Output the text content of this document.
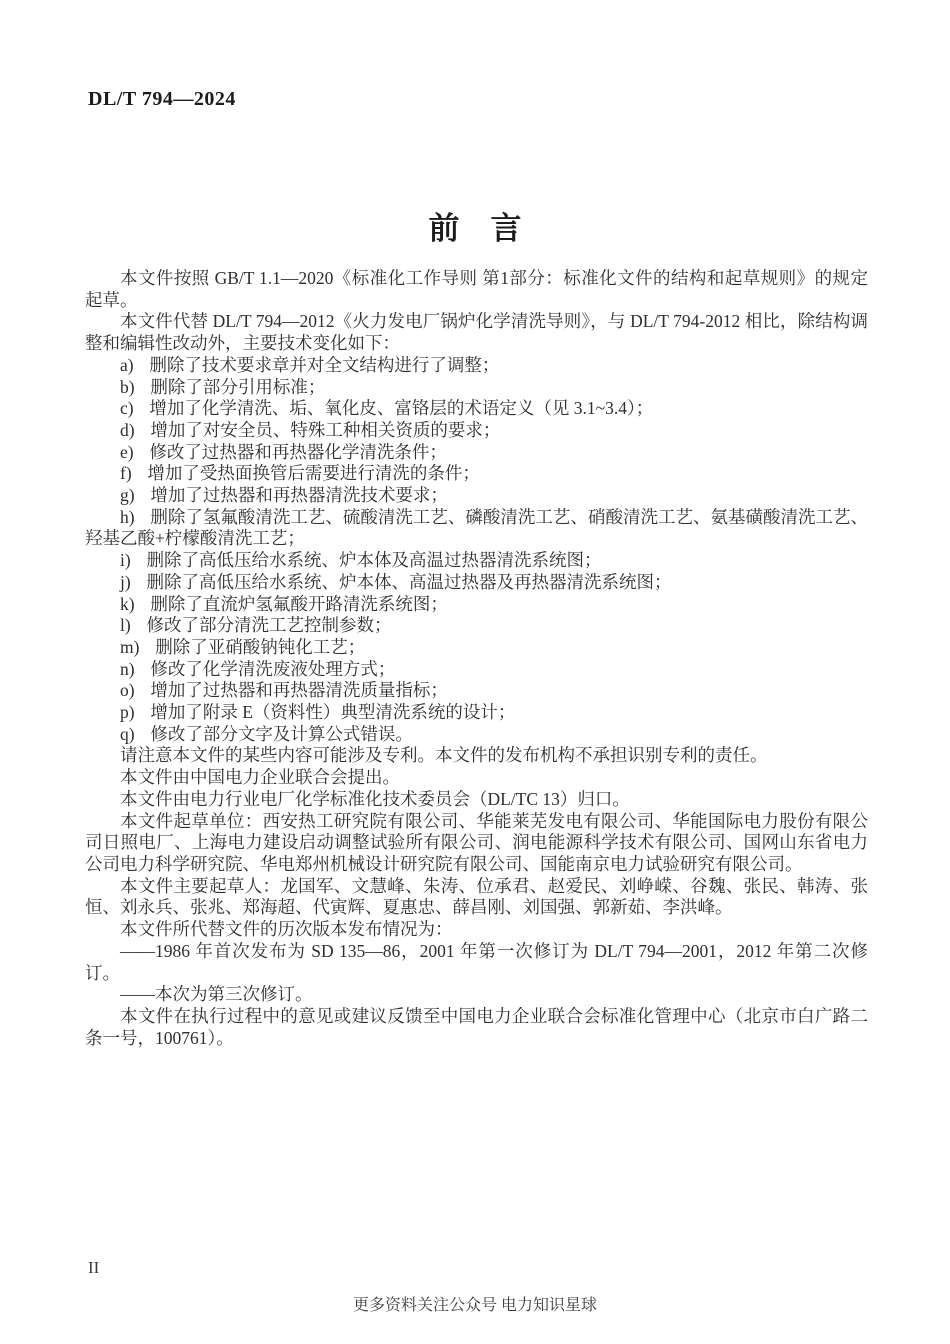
DL/T 794—2024
前　言

本文件按照 GB/T 1.1—2020《标准化工作导则 第1部分：标准化文件的结构和起草规则》的规定起草。

本文件代替 DL/T 794—2012《火力发电厂锅炉化学清洗导则》，与 DL/T 794-2012 相比，除结构调整和编辑性改动外，主要技术变化如下：

a) 删除了技术要求章并对全文结构进行了调整；

b) 删除了部分引用标准；

c) 增加了化学清洗、垢、氧化皮、富铬层的术语定义（见 3.1~3.4）；

d) 增加了对安全员、特殊工种相关资质的要求；

e) 修改了过热器和再热器化学清洗条件；

f) 增加了受热面换管后需要进行清洗的条件；

g) 增加了过热器和再热器清洗技术要求；

h) 删除了氢氟酸清洗工艺、硫酸清洗工艺、磷酸清洗工艺、硝酸清洗工艺、氨基磺酸清洗工艺、羟基乙酸+柠檬酸清洗工艺；

i) 删除了高低压给水系统、炉本体及高温过热器清洗系统图；

j) 删除了高低压给水系统、炉本体、高温过热器及再热器清洗系统图；

k) 删除了直流炉氢氟酸开路清洗系统图；

l) 修改了部分清洗工艺控制参数；

m) 删除了亚硝酸钠钝化工艺；

n) 修改了化学清洗废液处理方式；

o) 增加了过热器和再热器清洗质量指标；

p) 增加了附录 E（资料性）典型清洗系统的设计；

q) 修改了部分文字及计算公式错误。

请注意本文件的某些内容可能涉及专利。本文件的发布机构不承担识别专利的责任。

本文件由中国电力企业联合会提出。

本文件由电力行业电厂化学标准化技术委员会（DL/TC 13）归口。

本文件起草单位：西安热工研究院有限公司、华能莱芜发电有限公司、华能国际电力股份有限公司日照电厂、上海电力建设启动调整试验所有限公司、润电能源科学技术有限公司、国网山东省电力公司电力科学研究院、华电郑州机械设计研究院有限公司、国能南京电力试验研究有限公司。

本文件主要起草人：龙国军、文慧峰、朱涛、位承君、赵爱民、刘峥嵘、谷魏、张民、韩涛、张恒、刘永兵、张兆、郑海超、代寅辉、夏惠忠、薛昌刚、刘国强、郭新茹、李洪峰。

本文件所代替文件的历次版本发布情况为：

——1986 年首次发布为 SD 135—86，2001 年第一次修订为 DL/T 794—2001，2012 年第二次修订。

——本次为第三次修订。

本文件在执行过程中的意见或建议反馈至中国电力企业联合会标准化管理中心（北京市白广路二条一号，100761）。

II
更多资料关注公众号 电力知识星球
